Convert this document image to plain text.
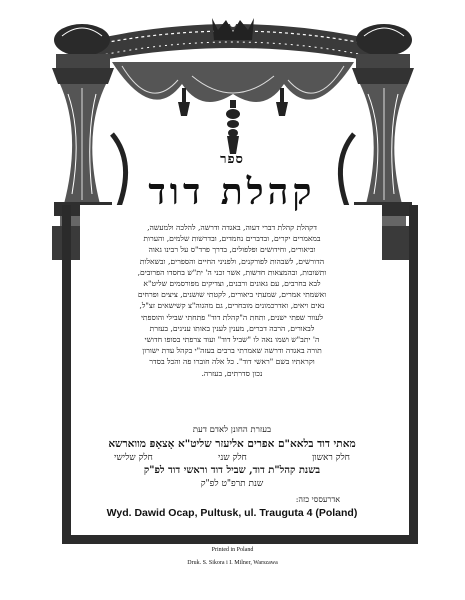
ספר
קהלת דוד

דקהלת קהלת דברי דעוה, באגדה ודרשה, להלכה ולמעשה,

במאמרים יקרים, ובדברים נחמדים, ובדרשות שלמים, והערות

וביאורים, וחידושים ופלפולים, בדרך פרד"ס על רבינו גאוה

הדורשים, לשבהות לפורקנים, ולפניני החיים והספרים, ובשאלות

ותשובות, ובהמצאות חדשות, אשר זכני ה' ית"ש בחסדו הפרובים,

לבא בחרבים, עם גאונים ורבנים, וצדיקים מפורסמים שליט"א

ואשמתי אמרים, שמעתי ביאורים, לקטתי שושנים, ציצים ופרחים

נאים ויאים, ואדרכמונים מובחרים, גם מהגוה"צ קשישאים זצ"ל,

לעוור שפתי ישנים, ותחת ה"קהלת דוד" פתחתי שבילי והוספתי

לבאורים, הרבה דברים, מענין לענין באותו ענינים, בעזרת

ה' יתב"ש ושמו נאה לו "שביל דוד" ועוד צרפתי בסופו חדושי

תורה באגדה ודרשה שאמרתי ברבים בעזה"י בקהל עדת ישורון

וקראתיו בשם "ראשי דוד". כל אלה חוברו פה והכל בסדר

נכון סדרתים, בעזרה.

בעזרת החונן לאדם דעת
מאתי דוד בלאא"ם אפרים אליעזר שליט"א אָצאָפּ מווארשא
חלק ראשון
חלק שני
חלק שלישי
בשנת קהל"ת דוד, שביל דוד וראשי דוד לפ"ק
שנת תרפ"ט לפ"ק
אדרעססי כזה:
Wyd. Dawid Ocap, Pultusk, ul. Trauguta 4 (Poland)
Printed in Poland
Druk. S. Sikora i I. Milner, Warszawa
